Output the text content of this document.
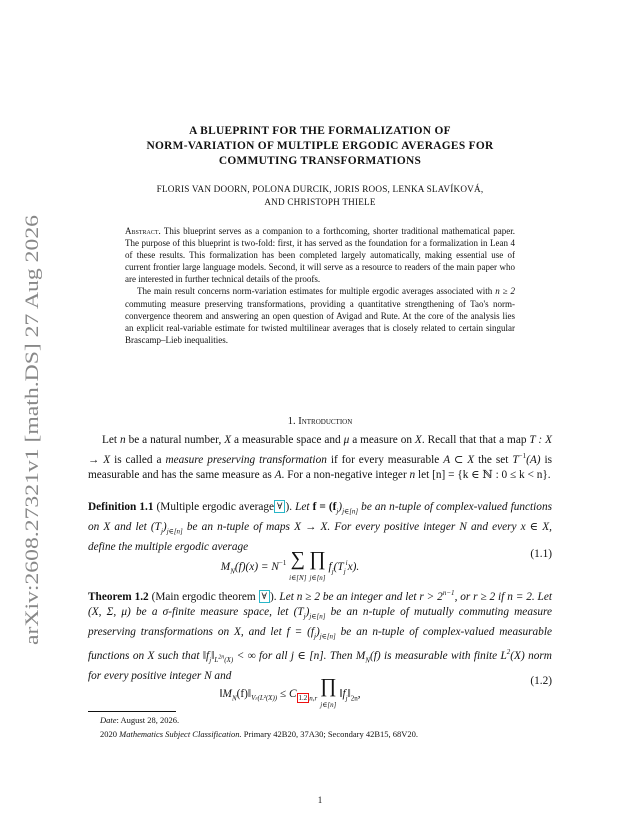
arXiv:2608.27321v1 [math.DS] 27 Aug 2026
A BLUEPRINT FOR THE FORMALIZATION OF
NORM-VARIATION OF MULTIPLE ERGODIC AVERAGES FOR
COMMUTING TRANSFORMATIONS
FLORIS VAN DOORN, POLONA DURCIK, JORIS ROOS, LENKA SLAVÍKOVÁ,
AND CHRISTOPH THIELE

Abstract. This blueprint serves as a companion to a forthcoming, shorter traditional mathematical paper. The purpose of this blueprint is two-fold: first, it has served as the foundation for a formalization in Lean 4 of these results. This formalization has been completed largely automatically, making essential use of current frontier large language models. Second, it will serve as a resource to readers of the main paper who are interested in further technical details of the proofs.

The main result concerns norm-variation estimates for multiple ergodic averages associated with n ≥ 2 commuting measure preserving transformations, providing a quantitative strengthening of Tao's norm-convergence theorem and answering an open question of Avigad and Rute. At the core of the analysis lies an explicit real-variable estimate for twisted multilinear averages that is closely related to certain singular Brascamp–Lieb inequalities.

1. Introduction

Let n be a natural number, X a measurable space and μ a measure on X. Recall that that a map T : X → X is called a measure preserving transformation if for every measurable A ⊂ X the set $T^{-1}(A)$ is measurable and has the same measure as A. For a non-negative integer n let [n] = {k ∈ ℕ : 0 ≤ k < n}.

Definition 1.1 (Multiple ergodic average ∀ ). Let $f = (f_j)_{j\in[n]}$ be an n-tuple of complex-valued functions on X and let $(T_j)_{j\in[n]}$ be an n-tuple of maps X → X. For every positive integer N and every x ∈ X, define the multiple ergodic average

$M_N(f)(x) = N^{-1}$ ∑
i∈[N] ∏
j∈[n] $f_j(T_j^ix)$.
(1.1)

Theorem 1.2 (Main ergodic theorem ∀ ). Let n ≥ 2 be an integer and let $r > 2^{n-1}$, or r ≥ 2 if n = 2. Let (X, Σ, μ) be a σ-finite measure space, let $(T_j)_{j\in[n]}$ be an n-tuple of mutually commuting measure preserving transformations on X, and let $f = (f_j)_{j\in[n]}$ be an n-tuple of complex-valued measurable functions on X such that $‖f_j‖_{L^{2n}(X)}$ < ∞ for all j ∈ [n]. Then $M_N(f)$ is measurable with finite $L^2(X)$ norm for every positive integer N and

$‖M_N(f)‖_{Vr(L^2(X))} \le C$ 1.2 $_{n,r}$ ∏
j∈[n] $‖f_j‖_{2n}$,
(1.2)
Date: August 28, 2026.
2020 Mathematics Subject Classification. Primary 42B20, 37A30; Secondary 42B15, 68V20.
1
